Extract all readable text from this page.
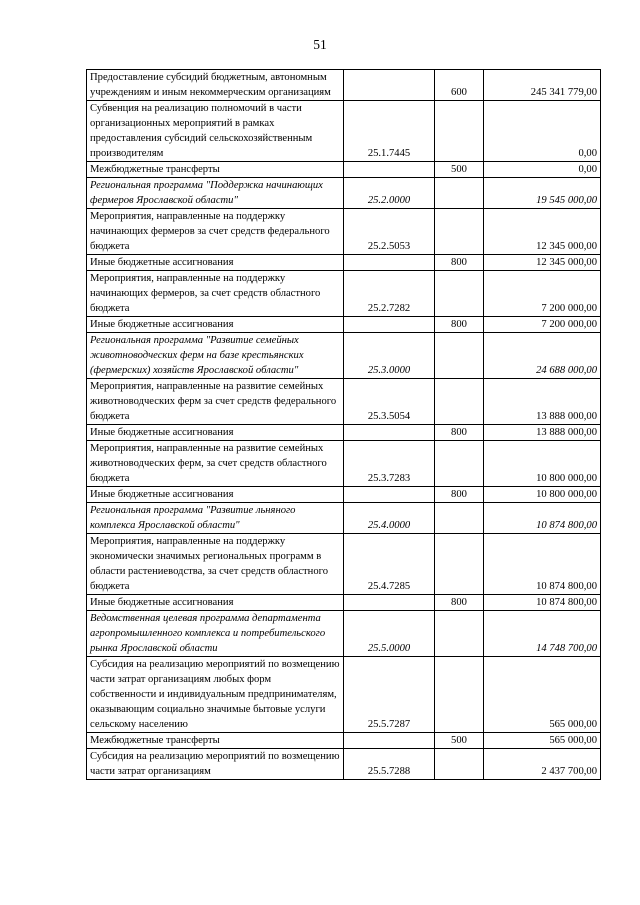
51
Предоставление субсидий бюджетным, автономным учреждениям и иным некоммерческим организациям		600	245 341 779,00
Субвенция на реализацию полномочий в части организационных мероприятий в рамках предоставления субсидий сельскохозяйственным производителям	25.1.7445		0,00
Межбюджетные трансферты		500	0,00
Региональная программа "Поддержка начинающих фермеров Ярославской области"	25.2.0000		19 545 000,00
Мероприятия, направленные на поддержку начинающих фермеров за счет средств федерального бюджета	25.2.5053		12 345 000,00
Иные бюджетные ассигнования		800	12 345 000,00
Мероприятия, направленные на поддержку начинающих фермеров, за счет средств областного бюджета	25.2.7282		7 200 000,00
Иные бюджетные ассигнования		800	7 200 000,00
Региональная программа "Развитие семейных животноводческих ферм на базе крестьянских (фермерских) хозяйств Ярославской области"	25.3.0000		24 688 000,00
Мероприятия, направленные на развитие семейных животноводческих ферм за счет средств федерального бюджета	25.3.5054		13 888 000,00
Иные бюджетные ассигнования		800	13 888 000,00
Мероприятия, направленные на развитие семейных животноводческих ферм, за счет средств областного бюджета	25.3.7283		10 800 000,00
Иные бюджетные ассигнования		800	10 800 000,00
Региональная программа "Развитие льняного комплекса Ярославской области"	25.4.0000		10 874 800,00
Мероприятия, направленные на поддержку экономически значимых региональных программ в области растениеводства, за счет средств областного бюджета	25.4.7285		10 874 800,00
Иные бюджетные ассигнования		800	10 874 800,00
Ведомственная целевая программа департамента агропромышленного комплекса и потребительского рынка Ярославской области	25.5.0000		14 748 700,00
Субсидия на реализацию мероприятий по возмещению части затрат организациям любых форм собственности и индивидуальным предпринимателям, оказывающим социально значимые бытовые услуги сельскому населению	25.5.7287		565 000,00
Межбюджетные трансферты		500	565 000,00
Субсидия на реализацию мероприятий по возмещению части затрат организациям	25.5.7288		2 437 700,00
